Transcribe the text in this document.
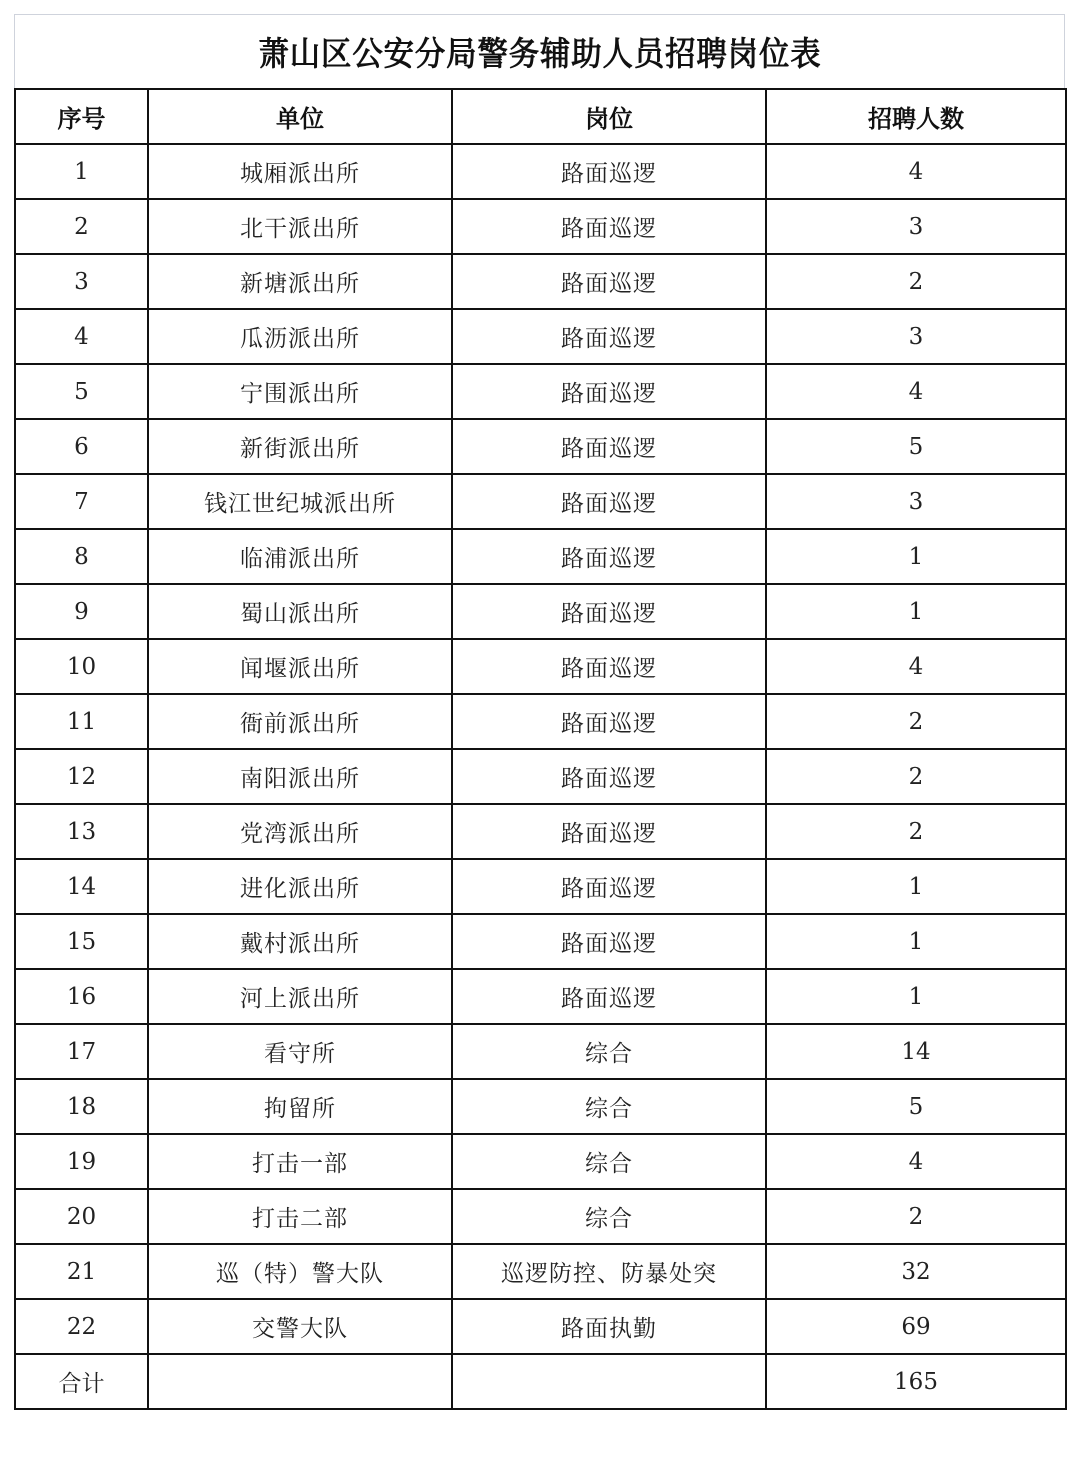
萧山区公安分局警务辅助人员招聘岗位表
序号	单位	岗位	招聘人数
1	城厢派出所	路面巡逻	4
2	北干派出所	路面巡逻	3
3	新塘派出所	路面巡逻	2
4	瓜沥派出所	路面巡逻	3
5	宁围派出所	路面巡逻	4
6	新街派出所	路面巡逻	5
7	钱江世纪城派出所	路面巡逻	3
8	临浦派出所	路面巡逻	1
9	蜀山派出所	路面巡逻	1
10	闻堰派出所	路面巡逻	4
11	衙前派出所	路面巡逻	2
12	南阳派出所	路面巡逻	2
13	党湾派出所	路面巡逻	2
14	进化派出所	路面巡逻	1
15	戴村派出所	路面巡逻	1
16	河上派出所	路面巡逻	1
17	看守所	综合	14
18	拘留所	综合	5
19	打击一部	综合	4
20	打击二部	综合	2
21	巡（特）警大队	巡逻防控、防暴处突	32
22	交警大队	路面执勤	69
合计			165
